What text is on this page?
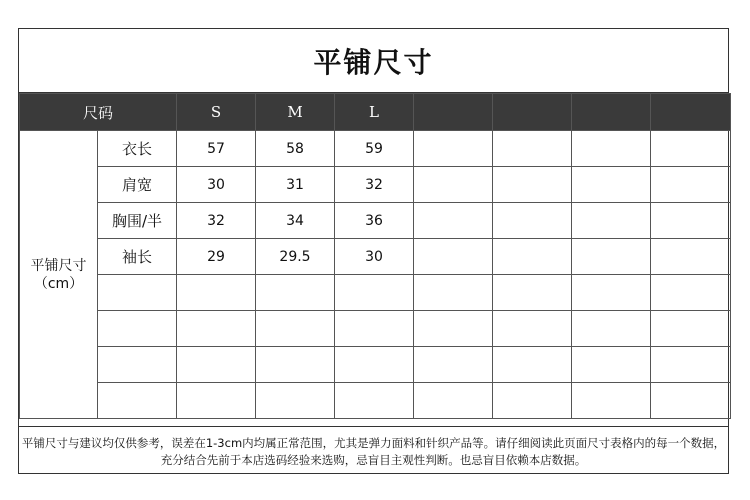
平铺尺寸
尺码		S	M	L				

平铺尺寸
（cm）	衣长	57	58	59				
	肩宽	30	31	32				
	胸围/半	32	34	36				
	袖长	29	29.5	30				

平铺尺寸与建议均仅供参考，误差在1-3cm内均属正常范围，尤其是弹力面料和针织产品等。请仔细阅读此页面尺寸表格内的每一个数据，充分结合先前于本店选码经验来选购，忌盲目主观性判断。也忌盲目依赖本店数据。
